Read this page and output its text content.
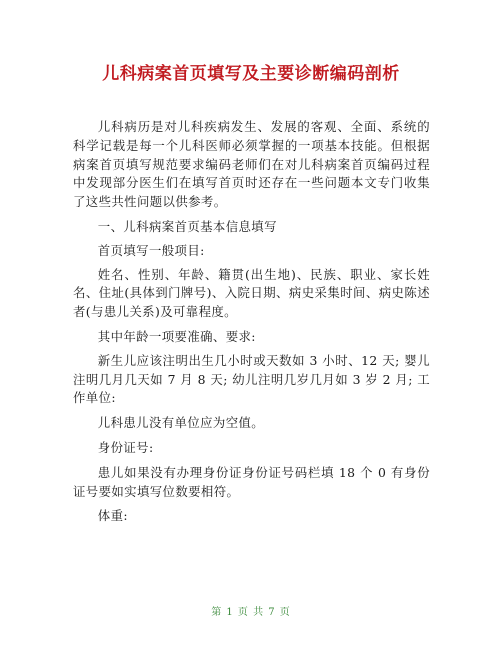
儿科病案首页填写及主要诊断编码剖析

儿科病历是对儿科疾病发生、发展的客观、全面、系统的科学记载是每一个儿科医师必须掌握的一项基本技能。但根据病案首页填写规范要求编码老师们在对儿科病案首页编码过程中发现部分医生们在填写首页时还存在一些问题本文专门收集了这些共性问题以供参考。

一、儿科病案首页基本信息填写

首页填写一般项目:

姓名、性别、年龄、籍贯(出生地)、民族、职业、家长姓名、住址(具体到门牌号)、入院日期、病史采集时间、病史陈述者(与患儿关系)及可靠程度。

其中年龄一项要准确、要求:

新生儿应该注明出生几小时或天数如 3 小时、12 天; 婴儿注明几月几天如 7 月 8 天; 幼儿注明几岁几月如 3 岁 2 月; 工作单位:

儿科患儿没有单位应为空值。

身份证号:

患儿如果没有办理身份证身份证号码栏填 18 个 0 有身份证号要如实填写位数要相符。

体重:

第 1 页 共 7 页
